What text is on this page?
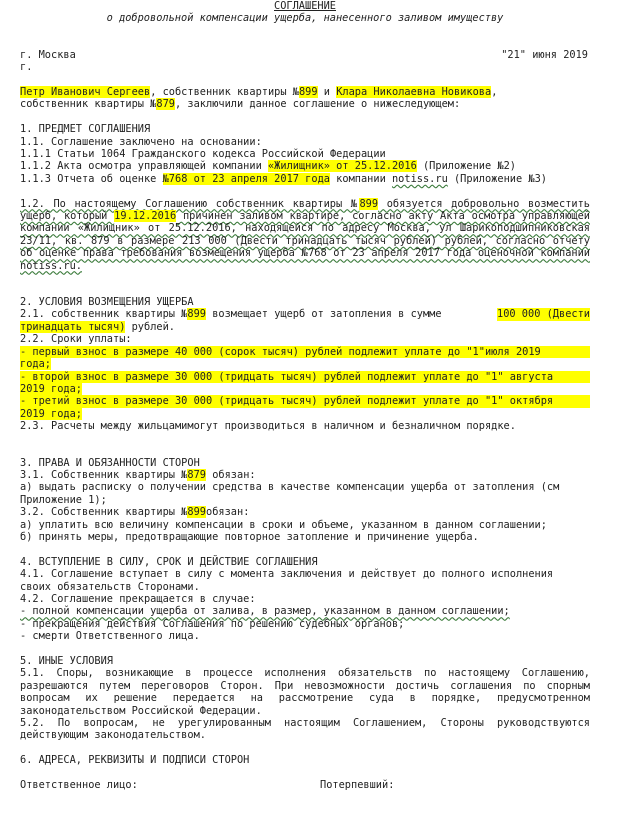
СОГЛАШЕНИЕ

о добровольной компенсации ущерба, нанесенного заливом имуществу

г. Москва	"21" июня 2019

г.

Петр Иванович Сергеев, собственник квартиры №899 и Клара Николаевна Новикова,

собственник квартиры №879, заключили данное соглашение о нижеследующем:

1. ПРЕДМЕТ СОГЛАШЕНИЯ

1.1. Соглашение заключено на основании:

1.1.1 Статьи 1064 Гражданского кодекса Российской Федерации

1.1.2 Акта осмотра управляющей компании «Жилищник» от 25.12.2016 (Приложение №2)

1.1.3 Отчета об оценке №768 от 23 апреля 2017 года компании notiss.ru (Приложение №3)

1.2. По настоящему Соглашению собственник квартиры №899 обязуется добровольно возместить ущерб, который 19.12.2016 причинен заливом квартире, согласно акту Акта осмотра управляющей компании «Жилищник» от 25.12.2016, находящейся по адресу Москва, ул Шарикоподшипниковская 23/11, кв. 879 в размере 213 000 (Двести тринадцать тысяч рублей) рублей, согласно отчету об оценке права требования возмещения ущерба №768 от 23 апреля 2017 года оценочной компании notiss.ru.

2. УСЛОВИЯ ВОЗМЕЩЕНИЯ УЩЕРБА

2.1. собственник квартиры №899 возмещает ущерб от затопления в сумме	100 000 (Двести

тринадцать тысяч) рублей.

2.2. Сроки уплаты:

- первый взнос в размере 40 000 (сорок тысяч) рублей подлежит уплате до "1"июля 2019

года;

- второй взнос в размере 30 000 (тридцать тысяч) рублей подлежит уплате до "1" августа

2019 года;

- третий взнос в размере 30 000 (тридцать тысяч) рублей подлежит уплате до "1" октября

2019 года;

2.3. Расчеты между жильцамимогут производиться в наличном и безналичном порядке.

3. ПРАВА И ОБЯЗАННОСТИ СТОРОН

3.1. Собственник квартиры №879 обязан:

а) выдать расписку о получении средства в качестве компенсации ущерба от затопления (см

Приложение 1);

3.2. Собственник квартиры №899обязан:

а) уплатить всю величину компенсации в сроки и объеме, указанном в данном соглашении;

б) принять меры, предотвращающие повторное затопление и причинение ущерба.

4. ВСТУПЛЕНИЕ В СИЛУ, СРОК И ДЕЙСТВИЕ СОГЛАШЕНИЯ

4.1. Соглашение вступает в силу с момента заключения и действует до полного исполнения

своих обязательств Сторонами.

4.2. Соглашение прекращается в случае:

- полной компенсации ущерба от залива, в размер, указанном в данном соглашении;

- прекращения действия Соглашения по решению судебных органов;

- смерти Ответственного лица.

5. ИНЫЕ УСЛОВИЯ

5.1. Споры, возникающие в процессе исполнения обязательств по настоящему Соглашению, разрешаются путем переговоров Сторон. При невозможности достичь соглашения по спорным вопросам их решение передается на рассмотрение суда в порядке, предусмотренном законодательством Российской Федерации.

5.2. По вопросам, не урегулированным настоящим Соглашением, Стороны руководствуются действующим законодательством.

6. АДРЕСА, РЕКВИЗИТЫ И ПОДПИСИ СТОРОН

Ответственное лицо:	Потерпевший:
